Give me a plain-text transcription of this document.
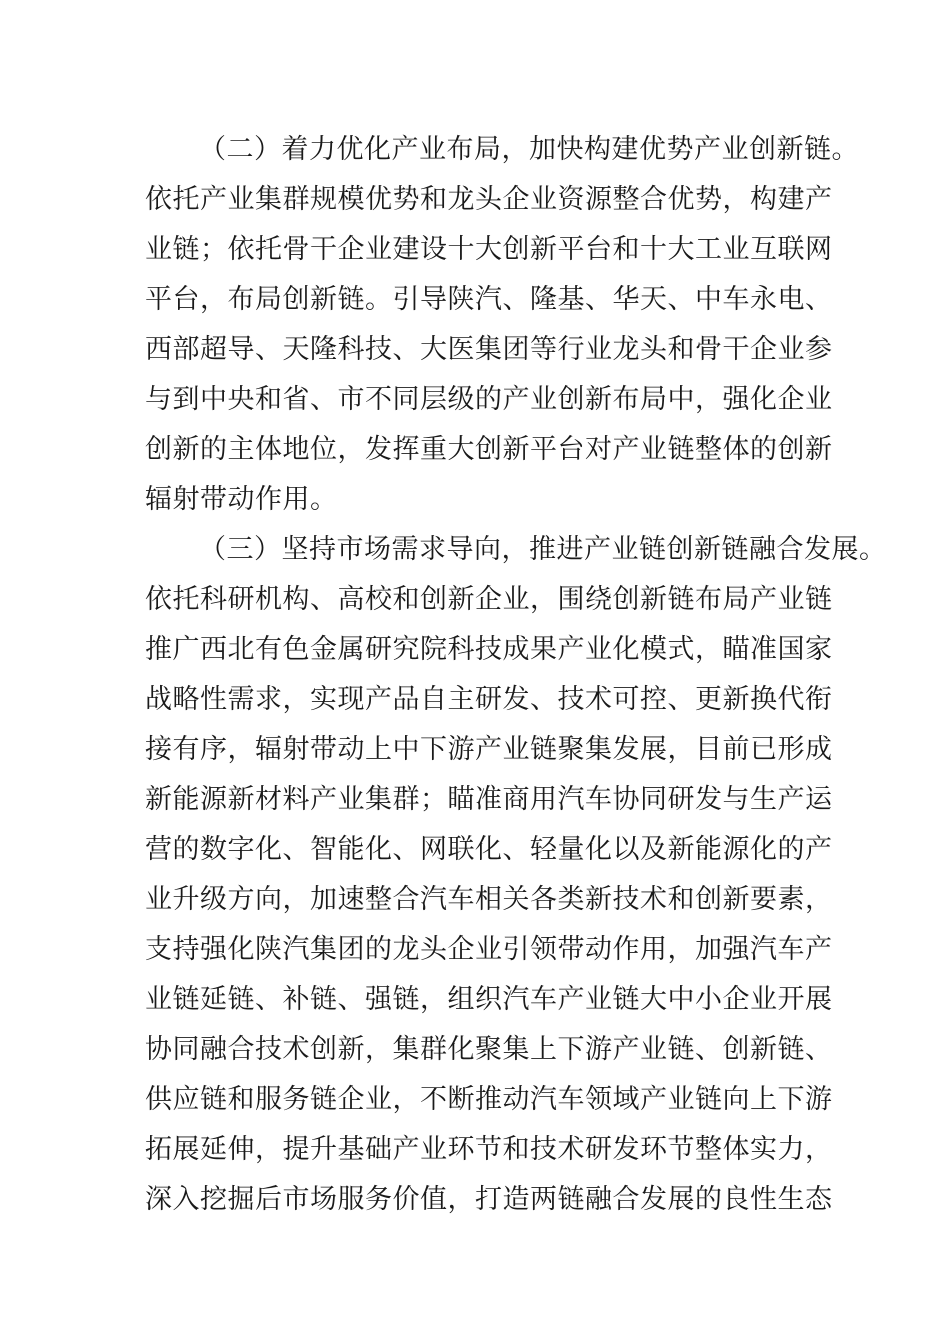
（二）着力优化产业布局，加快构建优势产业创新链。
依托产业集群规模优势和龙头企业资源整合优势，构建产
业链；依托骨干企业建设十大创新平台和十大工业互联网
平台，布局创新链。引导陕汽、隆基、华天、中车永电、
西部超导、天隆科技、大医集团等行业龙头和骨干企业参
与到中央和省、市不同层级的产业创新布局中，强化企业
创新的主体地位，发挥重大创新平台对产业链整体的创新
辐射带动作用。
（三）坚持市场需求导向，推进产业链创新链融合发展。
依托科研机构、高校和创新企业，围绕创新链布局产业链
推广西北有色金属研究院科技成果产业化模式，瞄准国家
战略性需求，实现产品自主研发、技术可控、更新换代衔
接有序，辐射带动上中下游产业链聚集发展，目前已形成
新能源新材料产业集群；瞄准商用汽车协同研发与生产运
营的数字化、智能化、网联化、轻量化以及新能源化的产
业升级方向，加速整合汽车相关各类新技术和创新要素，
支持强化陕汽集团的龙头企业引领带动作用，加强汽车产
业链延链、补链、强链，组织汽车产业链大中小企业开展
协同融合技术创新，集群化聚集上下游产业链、创新链、
供应链和服务链企业，不断推动汽车领域产业链向上下游
拓展延伸，提升基础产业环节和技术研发环节整体实力，
深入挖掘后市场服务价值，打造两链融合发展的良性生态
